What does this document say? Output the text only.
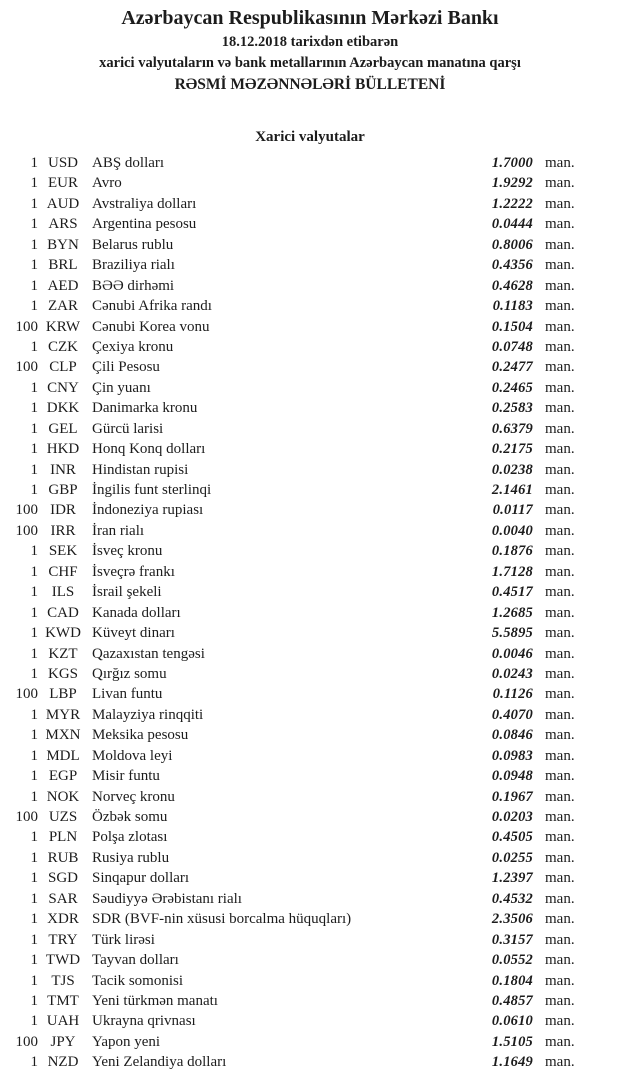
Azərbaycan Respublikasının Mərkəzi Bankı
18.12.2018 tarixdən etibarən
xarici valyutaların və bank metallarının Azərbaycan manatına qarşı
RƏSMİ MƏZƏNNƏLƏRİ BÜLLETENİ
Xarici valyutalar
1 USD ABŞ dolları	1.7000 man.
1 EUR Avro	1.9292 man.
1 AUD Avstraliya dolları	1.2222 man.
1 ARS Argentina pesosu	0.0444 man.
1 BYN Belarus rublu	0.8006 man.
1 BRL Braziliya rialı	0.4356 man.
1 AED BƏƏ dirhəmi	0.4628 man.
1 ZAR Cənubi Afrika randı	0.1183 man.
100 KRW Cənubi Korea vonu	0.1504 man.
1 CZK Çexiya kronu	0.0748 man.
100 CLP	Çili Pesosu	0.2477 man.
1 CNY Çin yuanı	0.2465 man.
1 DKK Danimarka kronu	0.2583 man.
1 GEL Gürcü larisi	0.6379 man.
1 HKD Honq Konq dolları	0.2175 man.
1 INR	Hindistan rupisi	0.0238 man.
1 GBP İngilis funt sterlinqi	2.1461 man.
100 IDR	İndoneziya rupiası	0.0117 man.
100 IRR	İran rialı	0.0040 man.
1 SEK İsveç kronu	0.1876 man.
1 CHF İsveçrə frankı	1.7128 man.
1 ILS	İsrail şekeli	0.4517 man.
1 CAD Kanada dolları	1.2685 man.
1 KWD Küveyt dinarı	5.5895 man.
1 KZT Qazaxıstan tengəsi	0.0046 man.
1 KGS Qırğız somu	0.0243 man.
100 LBP	Livan funtu	0.1126 man.
1 MYR Malayziya rinqqiti	0.4070 man.
1 MXN Meksika pesosu	0.0846 man.
1 MDL Moldova leyi	0.0983 man.
1 EGP Misir funtu	0.0948 man.
1 NOK Norveç kronu	0.1967 man.
100 UZS Özbək somu	0.0203 man.
1 PLN Polşa zlotası	0.4505 man.
1 RUB Rusiya rublu	0.0255 man.
1 SGD Sinqapur dolları	1.2397 man.
1 SAR Səudiyyə Ərəbistanı rialı	0.4532 man.
1 XDR SDR (BVF-nin xüsusi borcalma hüquqları)	2.3506 man.
1 TRY Türk lirəsi	0.3157 man.
1 TWD Tayvan dolları	0.0552 man.
1 TJS	Tacik somonisi	0.1804 man.
1 TMT Yeni türkmən manatı	0.4857 man.
1 UAH Ukrayna qrivnası	0.0610 man.
100 JPY	Yapon yeni	1.5105 man.
1 NZD Yeni Zelandiya dolları	1.1649 man.
